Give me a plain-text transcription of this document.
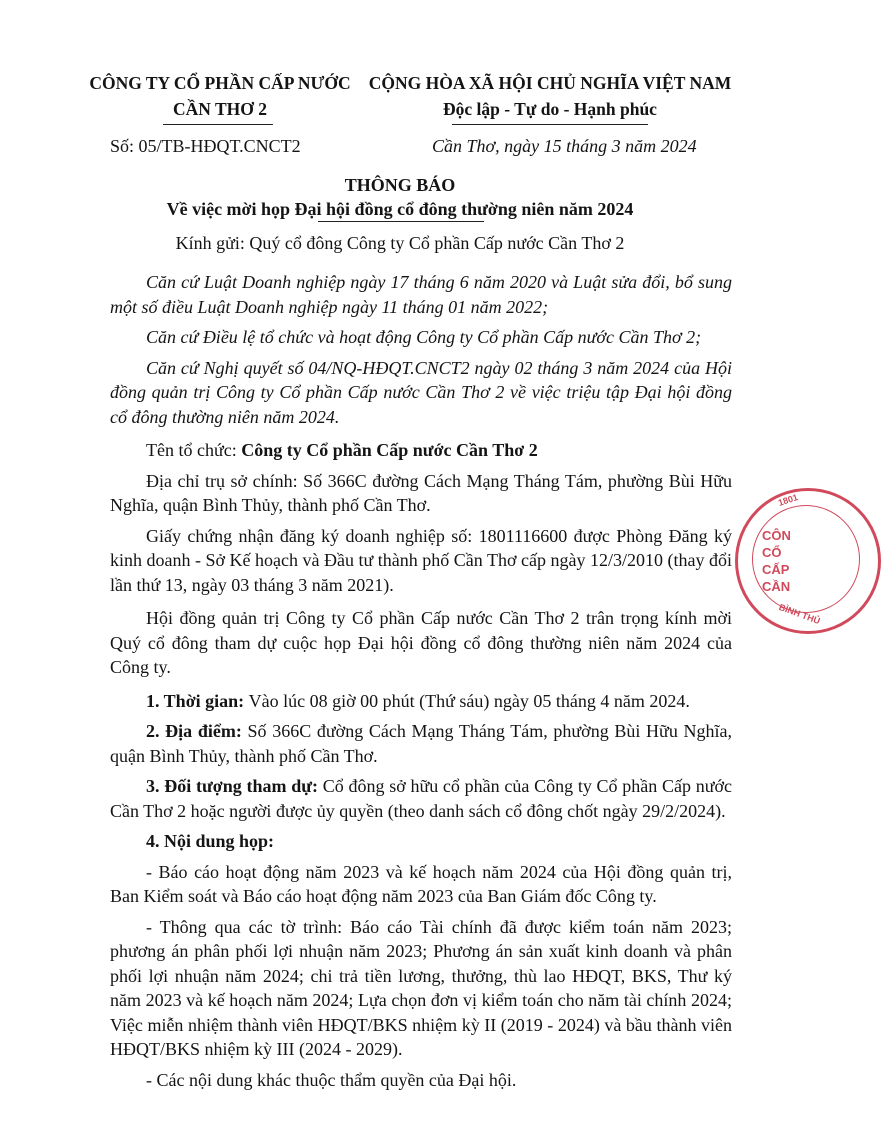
CÔNG TY CỔ PHẦN CẤP NƯỚC
CẦN THƠ 2
CỘNG HÒA XÃ HỘI CHỦ NGHĨA VIỆT NAM
Độc lập - Tự do - Hạnh phúc
Số: 05/TB-HĐQT.CNCT2	Cần Thơ, ngày 15 tháng 3 năm 2024
THÔNG BÁO
Về việc mời họp Đại hội đồng cổ đông thường niên năm 2024
Kính gửi: Quý cổ đông Công ty Cổ phần Cấp nước Cần Thơ 2

Căn cứ Luật Doanh nghiệp ngày 17 tháng 6 năm 2020 và Luật sửa đổi, bổ sung một số điều Luật Doanh nghiệp ngày 11 tháng 01 năm 2022;

Căn cứ Điều lệ tổ chức và hoạt động Công ty Cổ phần Cấp nước Cần Thơ 2;

Căn cứ Nghị quyết số 04/NQ-HĐQT.CNCT2 ngày 02 tháng 3 năm 2024 của Hội đồng quản trị Công ty Cổ phần Cấp nước Cần Thơ 2 về việc triệu tập Đại hội đồng cổ đông thường niên năm 2024.

Tên tổ chức: Công ty Cổ phần Cấp nước Cần Thơ 2

Địa chỉ trụ sở chính: Số 366C đường Cách Mạng Tháng Tám, phường Bùi Hữu Nghĩa, quận Bình Thủy, thành phố Cần Thơ.

Giấy chứng nhận đăng ký doanh nghiệp số: 1801116600 được Phòng Đăng ký kinh doanh - Sở Kế hoạch và Đầu tư thành phố Cần Thơ cấp ngày 12/3/2010 (thay đổi lần thứ 13, ngày 03 tháng 3 năm 2021).

Hội đồng quản trị Công ty Cổ phần Cấp nước Cần Thơ 2 trân trọng kính mời Quý cổ đông tham dự cuộc họp Đại hội đồng cổ đông thường niên năm 2024 của Công ty.

1. Thời gian: Vào lúc 08 giờ 00 phút (Thứ sáu) ngày 05 tháng 4 năm 2024.

2. Địa điểm: Số 366C đường Cách Mạng Tháng Tám, phường Bùi Hữu Nghĩa, quận Bình Thủy, thành phố Cần Thơ.

3. Đối tượng tham dự: Cổ đông sở hữu cổ phần của Công ty Cổ phần Cấp nước Cần Thơ 2 hoặc người được ủy quyền (theo danh sách cổ đông chốt ngày 29/2/2024).

4. Nội dung họp:

- Báo cáo hoạt động năm 2023 và kế hoạch năm 2024 của Hội đồng quản trị, Ban Kiểm soát và Báo cáo hoạt động năm 2023 của Ban Giám đốc Công ty.

- Thông qua các tờ trình: Báo cáo Tài chính đã được kiểm toán năm 2023; phương án phân phối lợi nhuận năm 2023; Phương án sản xuất kinh doanh và phân phối lợi nhuận năm 2024; chi trả tiền lương, thưởng, thù lao HĐQT, BKS, Thư ký năm 2023 và kế hoạch năm 2024; Lựa chọn đơn vị kiểm toán cho năm tài chính 2024; Việc miễn nhiệm thành viên HĐQT/BKS nhiệm kỳ II (2019 - 2024) và bầu thành viên HĐQT/BKS nhiệm kỳ III (2024 - 2029).

- Các nội dung khác thuộc thẩm quyền của Đại hội.

1801
CÔN
CỔ
CẤP
CẦN
BÌNH THỦ
